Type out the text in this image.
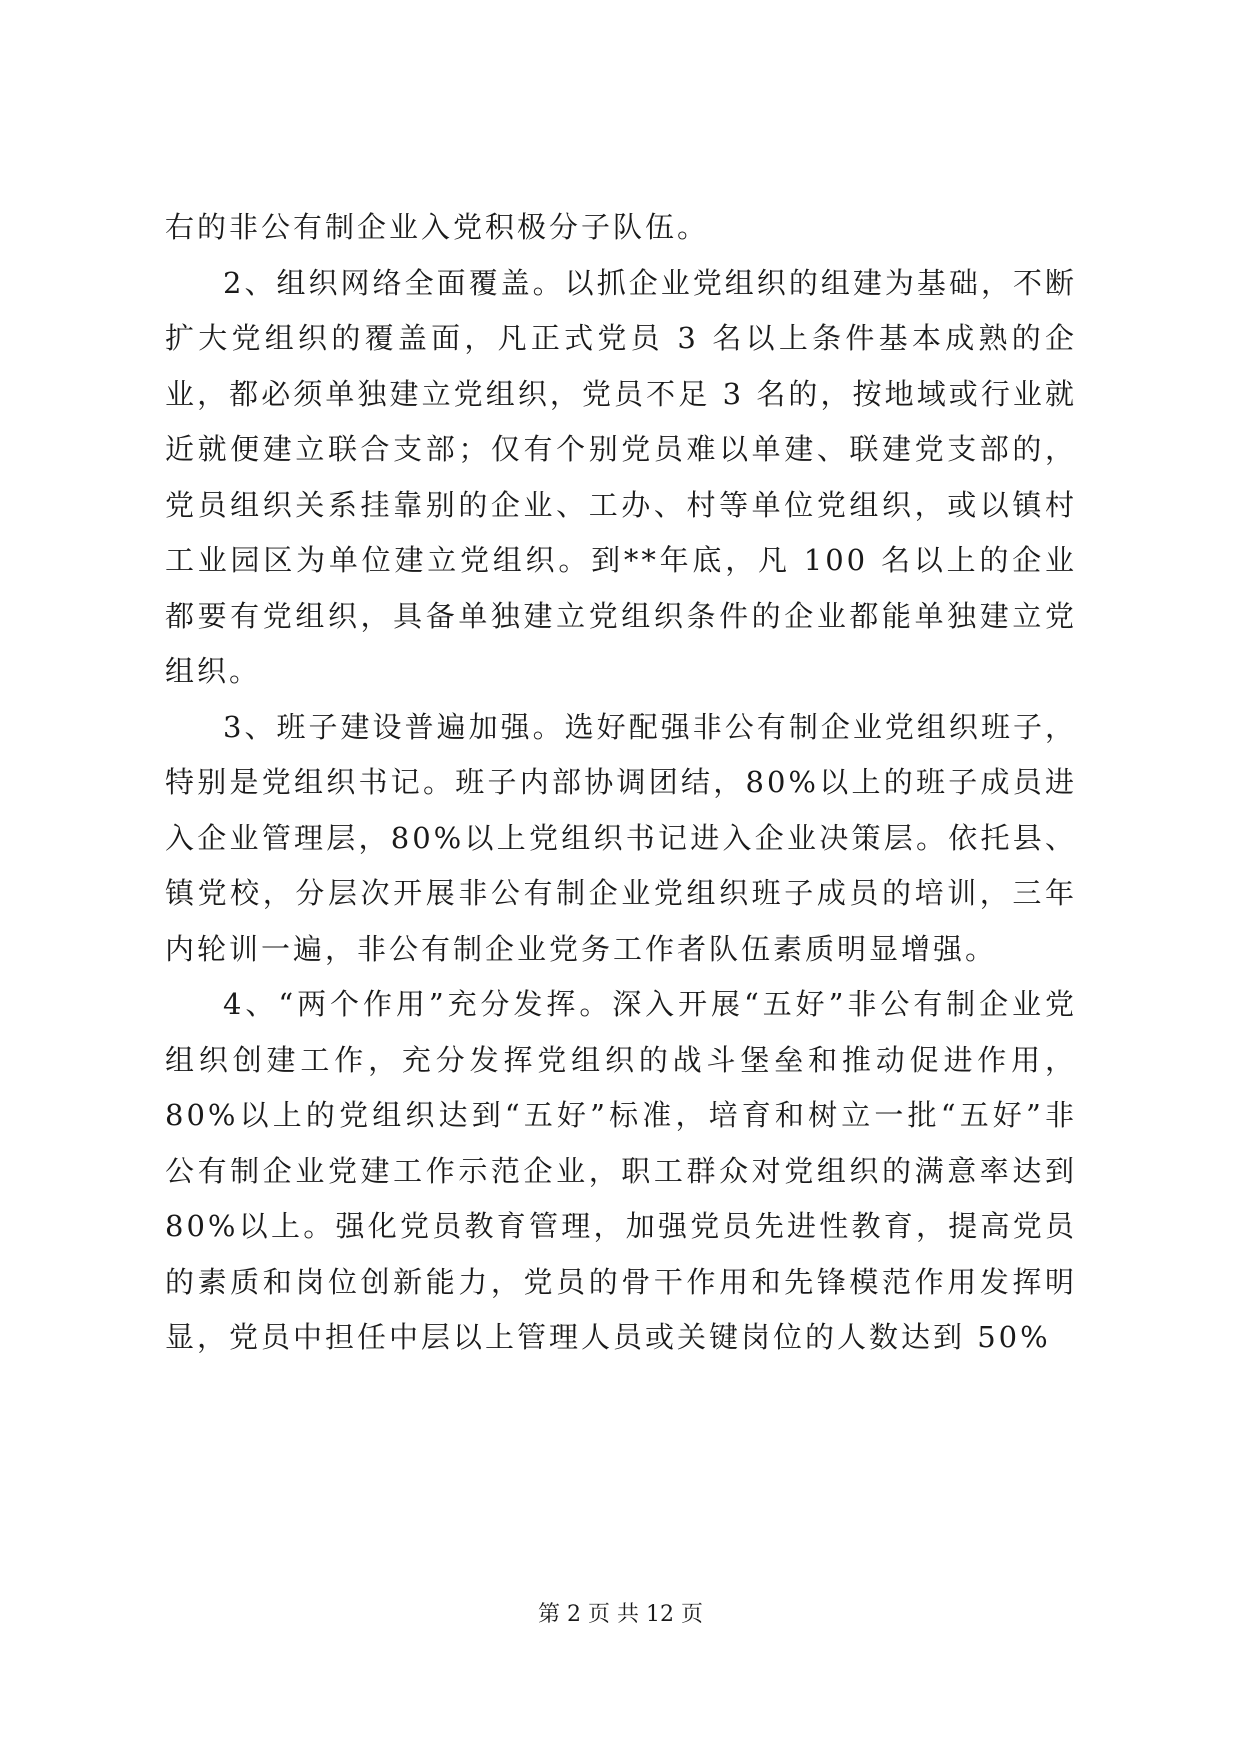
右的非公有制企业入党积极分子队伍。

2、组织网络全面覆盖。以抓企业党组织的组建为基础，不断扩大党组织的覆盖面，凡正式党员 3 名以上条件基本成熟的企业，都必须单独建立党组织，党员不足 3 名的，按地域或行业就近就便建立联合支部；仅有个别党员难以单建、联建党支部的，党员组织关系挂靠别的企业、工办、村等单位党组织，或以镇村工业园区为单位建立党组织。到**年底，凡 100 名以上的企业都要有党组织，具备单独建立党组织条件的企业都能单独建立党组织。

3、班子建设普遍加强。选好配强非公有制企业党组织班子，特别是党组织书记。班子内部协调团结，80%以上的班子成员进入企业管理层，80%以上党组织书记进入企业决策层。依托县、镇党校，分层次开展非公有制企业党组织班子成员的培训，三年内轮训一遍，非公有制企业党务工作者队伍素质明显增强。

4、“两个作用”充分发挥。深入开展“五好”非公有制企业党组织创建工作，充分发挥党组织的战斗堡垒和推动促进作用，80%以上的党组织达到“五好”标准，培育和树立一批“五好”非公有制企业党建工作示范企业，职工群众对党组织的满意率达到 80%以上。强化党员教育管理，加强党员先进性教育，提高党员的素质和岗位创新能力，党员的骨干作用和先锋模范作用发挥明显，党员中担任中层以上管理人员或关键岗位的人数达到 50%

第 2 页 共 12 页
